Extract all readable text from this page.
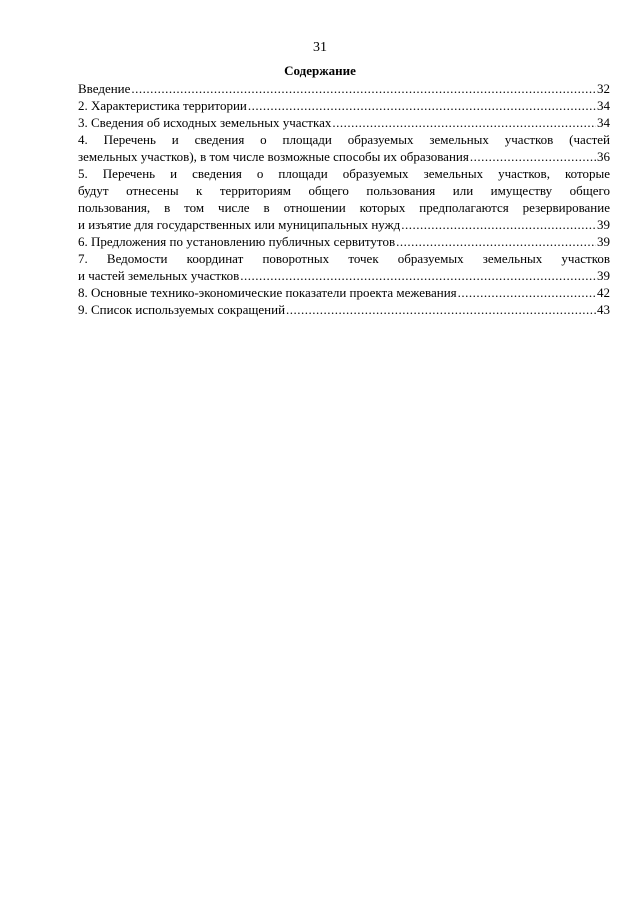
31
Содержание
Введение .....	32
2. Характеристика территории .....	34
3. Сведения об исходных земельных участках .....	34
4. Перечень и сведения о площади образуемых земельных участков (частей
земельных участков), в том числе возможные способы их образования .....	36
5. Перечень и сведения о площади образуемых земельных участков, которые
будут отнесены к территориям общего пользования или имуществу общего
пользования, в том числе в отношении которых предполагаются резервирование
и изъятие для государственных или муниципальных нужд .....	39
6. Предложения по установлению публичных сервитутов .....	39
7. Ведомости координат поворотных точек образуемых земельных участков
и частей земельных участков .....	39
8. Основные технико-экономические показатели проекта межевания .....	42
9. Список используемых сокращений .....	43
